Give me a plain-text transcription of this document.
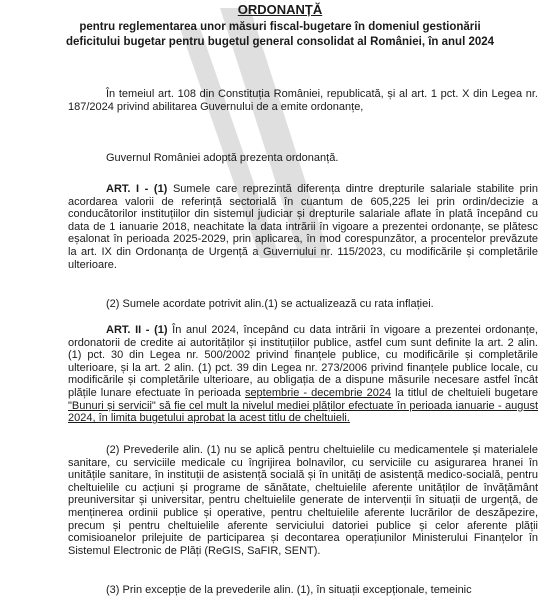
ORDONANȚĂ
pentru reglementarea unor măsuri fiscal-bugetare în domeniul gestionării
deficitului bugetar pentru bugetul general consolidat al României, în anul 2024
În temeiul art. 108 din Constituția României, republicată, și al art. 1 pct. X din Legea nr. 187/2024 privind abilitarea Guvernului de a emite ordonanțe,
Guvernul României adoptă prezenta ordonanță.
ART. I - (1) Sumele care reprezintă diferența dintre drepturile salariale stabilite prin acordarea valorii de referință sectorială în cuantum de 605,225 lei prin ordin/decizie a conducătorilor instituțiilor din sistemul judiciar și drepturile salariale aflate în plată începând cu data de 1 ianuarie 2018, neachitate la data intrării în vigoare a prezentei ordonanțe, se plătesc eșalonat în perioada 2025-2029, prin aplicarea, în mod corespunzător, a procentelor prevăzute la art. IX din Ordonanța de Urgență a Guvernului nr. 115/2023, cu modificările și completările ulterioare.
(2) Sumele acordate potrivit alin.(1) se actualizează cu rata inflației.
ART. II - (1) În anul 2024, începând cu data intrării în vigoare a prezentei ordonanțe, ordonatorii de credite ai autorităților și instituțiilor publice, astfel cum sunt definite la art. 2 alin. (1) pct. 30 din Legea nr. 500/2002 privind finanțele publice, cu modificările și completările ulterioare, și la art. 2 alin. (1) pct. 39 din Legea nr. 273/2006 privind finanțele publice locale, cu modificările și completările ulterioare, au obligația de a dispune măsurile necesare astfel încât plățile lunare efectuate în perioada septembrie - decembrie 2024 la titlul de cheltuieli bugetare "Bunuri și servicii" să fie cel mult la nivelul mediei plăților efectuate în perioada ianuarie - august 2024, în limita bugetului aprobat la acest titlu de cheltuieli.
(2) Prevederile alin. (1) nu se aplică pentru cheltuielile cu medicamentele și materialele sanitare, cu serviciile medicale cu îngrijirea bolnavilor, cu serviciile cu asigurarea hranei în unitățile sanitare, în instituții de asistență socială și în unități de asistență medico-socială, pentru cheltuielile cu acțiuni și programe de sănătate, cheltuielile aferente unităților de învățământ preuniversitar și universitar, pentru cheltuielile generate de intervenții în situații de urgență, de menținerea ordinii publice și operative, pentru cheltuielile aferente lucrărilor de deszăpezire, precum și pentru cheltuielile aferente serviciului datoriei publice și celor aferente plății comisioanelor prilejuite de participarea și decontarea operațiunilor Ministerului Finanțelor în Sistemul Electronic de Plăți (ReGIS, SaFIR, SENT).
(3) Prin excepție de la prevederile alin. (1), în situații excepționale, temeinic
